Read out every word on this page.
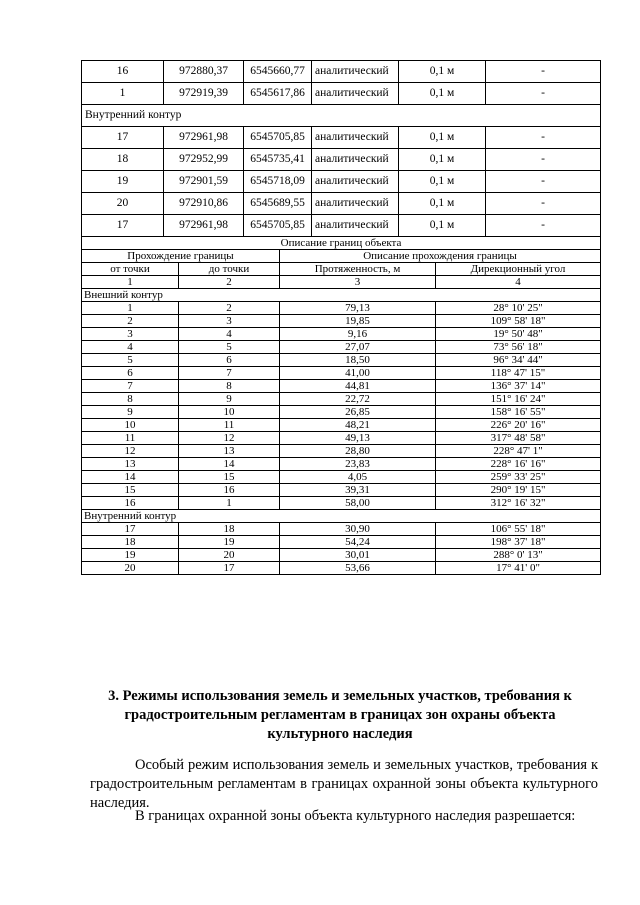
16	972880,37	6545660,77	аналитический	0,1 м	-
1	972919,39	6545617,86	аналитический	0,1 м	-
Внутренний контур					
17	972961,98	6545705,85	аналитический	0,1 м	-
18	972952,99	6545735,41	аналитический	0,1 м	-
19	972901,59	6545718,09	аналитический	0,1 м	-
20	972910,86	6545689,55	аналитический	0,1 м	-
17	972961,98	6545705,85	аналитический	0,1 м	-
Описание границ объекта			
Прохождение границы		Описание прохождения границы	
от точки	до точки	Протяженность, м	Дирекционный угол
1	2	3	4
Внешний контур			
1	2	79,13	28° 10' 25"
2	3	19,85	109° 58' 18"
3	4	9,16	19° 50' 48"
4	5	27,07	73° 56' 18"
5	6	18,50	96° 34' 44"
6	7	41,00	118° 47' 15"
7	8	44,81	136° 37' 14"
8	9	22,72	151° 16' 24"
9	10	26,85	158° 16' 55"
10	11	48,21	226° 20' 16"
11	12	49,13	317° 48' 58"
12	13	28,80	228° 47' 1"
13	14	23,83	228° 16' 16"
14	15	4,05	259° 33' 25"
15	16	39,31	290° 19' 15"
16	1	58,00	312° 16' 32"
Внутренний контур			
17	18	30,90	106° 55' 18"
18	19	54,24	198° 37' 18"
19	20	30,01	288° 0' 13"
20	17	53,66	17° 41' 0"
3. Режимы использования земель и земельных участков, требования к градостроительным регламентам в границах зон охраны объекта культурного наследия
Особый режим использования земель и земельных участков, требования к градостроительным регламентам в границах охранной зоны объекта культурного наследия.
В границах охранной зоны объекта культурного наследия разрешается:
